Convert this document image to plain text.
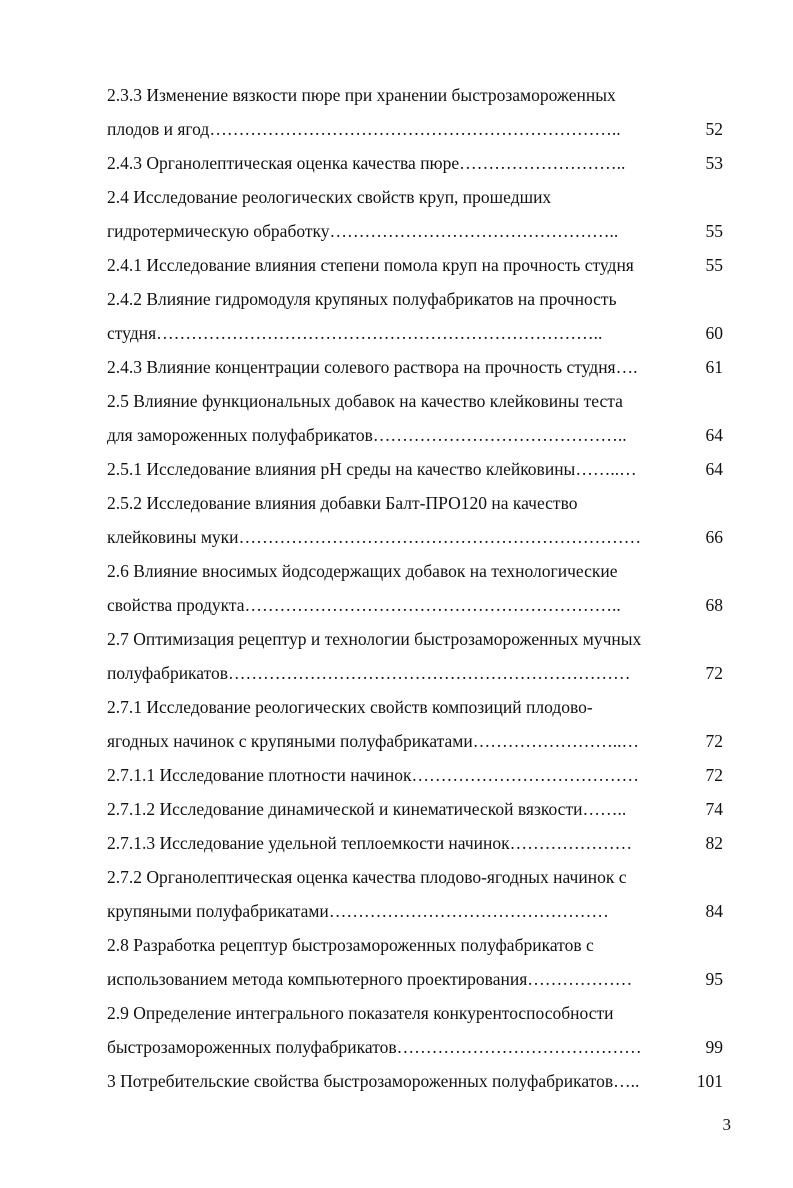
2.3.3 Изменение вязкости пюре при хранении быстрозамороженных
плодов и ягод ……………………………………………………………..	52
2.4.3 Органолептическая оценка качества пюре ………………………..	53
2.4 Исследование реологических свойств круп, прошедших
гидротермическую обработку …………………………………………..	55
2.4.1 Исследование влияния степени помола круп на прочность студня	55
2.4.2 Влияние гидромодуля крупяных полуфабрикатов на прочность
студня …………………………………………………………………..	60
2.4.3 Влияние концентрации солевого раствора на прочность студня ….	61
2.5 Влияние функциональных добавок на качество клейковины теста
для замороженных полуфабрикатов ……………………………………..	64
2.5.1 Исследование влияния pH среды на качество клейковины ……..…	64
2.5.2 Исследование влияния добавки Балт-ПРО120 на качество
клейковины муки ……………………………………………………………	66
2.6 Влияние вносимых йодсодержащих добавок на технологические
свойства продукта ………………………………………………………..	68
2.7 Оптимизация рецептур и технологии быстрозамороженных мучных
полуфабрикатов ……………………………………………………………	72
2.7.1 Исследование реологических свойств композиций плодово-
ягодных начинок с крупяными полуфабрикатами ……………………..…	72
2.7.1.1 Исследование плотности начинок …………………………………	72
2.7.1.2 Исследование динамической и кинематической вязкости ……..	74
2.7.1.3 Исследование удельной теплоемкости начинок …………………	82
2.7.2 Органолептическая оценка качества плодово-ягодных начинок с
крупяными полуфабрикатами …………………………………………	84
2.8 Разработка рецептур быстрозамороженных полуфабрикатов с
использованием метода компьютерного проектирования ………………	95
2.9 Определение интегрального показателя конкурентоспособности
быстрозамороженных полуфабрикатов ……………………………………	99
3 Потребительские свойства быстрозамороженных полуфабрикатов …..	101
3
